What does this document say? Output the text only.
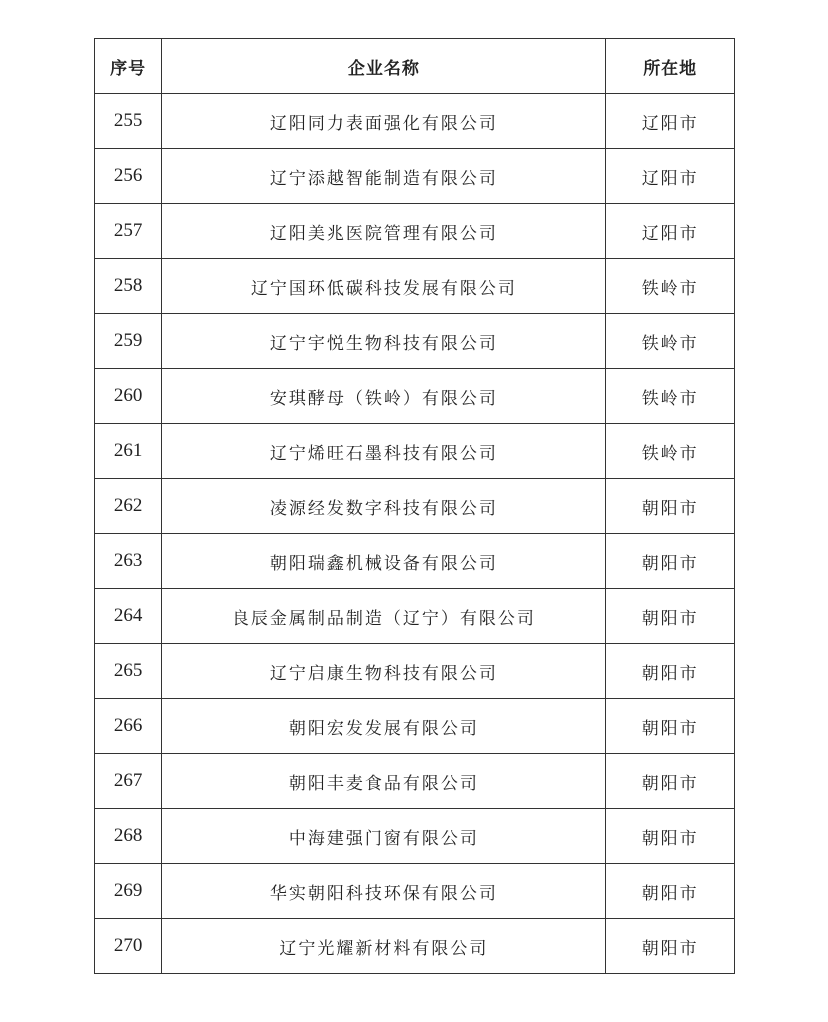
序号	企业名称	所在地
255	辽阳同力表面强化有限公司	辽阳市
256	辽宁添越智能制造有限公司	辽阳市
257	辽阳美兆医院管理有限公司	辽阳市
258	辽宁国环低碳科技发展有限公司	铁岭市
259	辽宁宇悦生物科技有限公司	铁岭市
260	安琪酵母（铁岭）有限公司	铁岭市
261	辽宁烯旺石墨科技有限公司	铁岭市
262	凌源经发数字科技有限公司	朝阳市
263	朝阳瑞鑫机械设备有限公司	朝阳市
264	良辰金属制品制造（辽宁）有限公司	朝阳市
265	辽宁启康生物科技有限公司	朝阳市
266	朝阳宏发发展有限公司	朝阳市
267	朝阳丰麦食品有限公司	朝阳市
268	中海建强门窗有限公司	朝阳市
269	华实朝阳科技环保有限公司	朝阳市
270	辽宁光耀新材料有限公司	朝阳市
